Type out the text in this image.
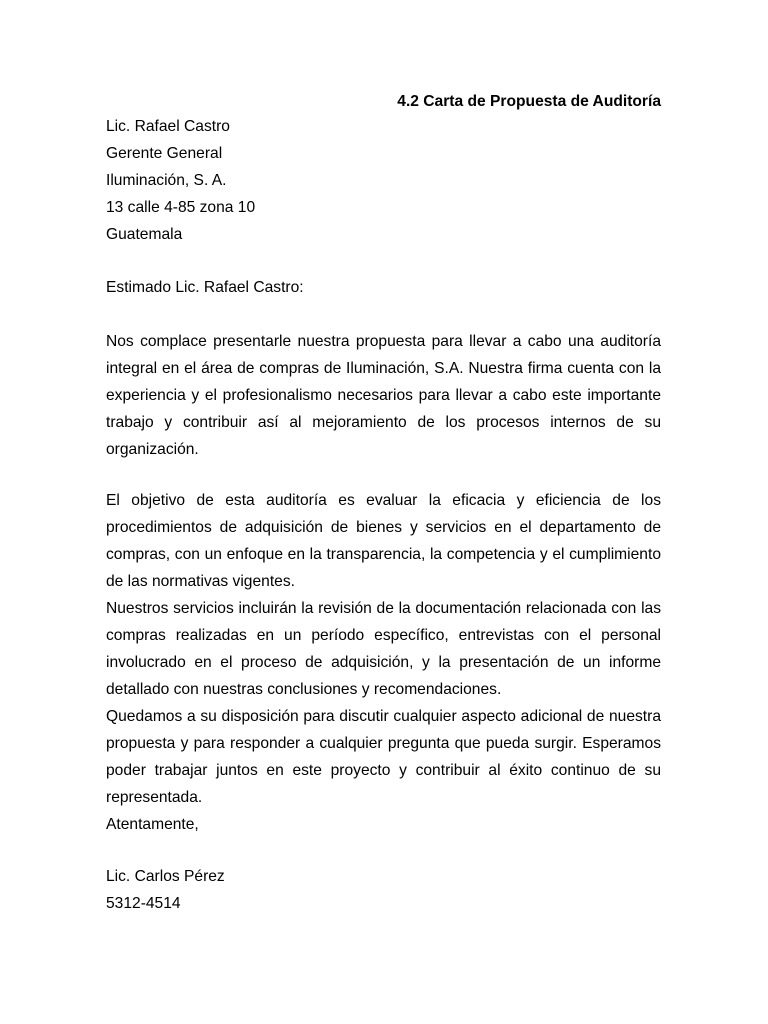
4.2 Carta de Propuesta de Auditoría
Lic. Rafael Castro
Gerente General
Iluminación, S. A.
13 calle 4-85 zona 10
Guatemala
Estimado Lic. Rafael Castro:

Nos complace presentarle nuestra propuesta para llevar a cabo una auditoría integral en el área de compras de Iluminación, S.A. Nuestra firma cuenta con la experiencia y el profesionalismo necesarios para llevar a cabo este importante trabajo y contribuir así al mejoramiento de los procesos internos de su organización.

El objetivo de esta auditoría es evaluar la eficacia y eficiencia de los procedimientos de adquisición de bienes y servicios en el departamento de compras, con un enfoque en la transparencia, la competencia y el cumplimiento de las normativas vigentes.

Nuestros servicios incluirán la revisión de la documentación relacionada con las compras realizadas en un período específico, entrevistas con el personal involucrado en el proceso de adquisición, y la presentación de un informe detallado con nuestras conclusiones y recomendaciones.

Quedamos a su disposición para discutir cualquier aspecto adicional de nuestra propuesta y para responder a cualquier pregunta que pueda surgir. Esperamos poder trabajar juntos en este proyecto y contribuir al éxito continuo de su representada.

Atentamente,
Lic. Carlos Pérez
5312-4514
